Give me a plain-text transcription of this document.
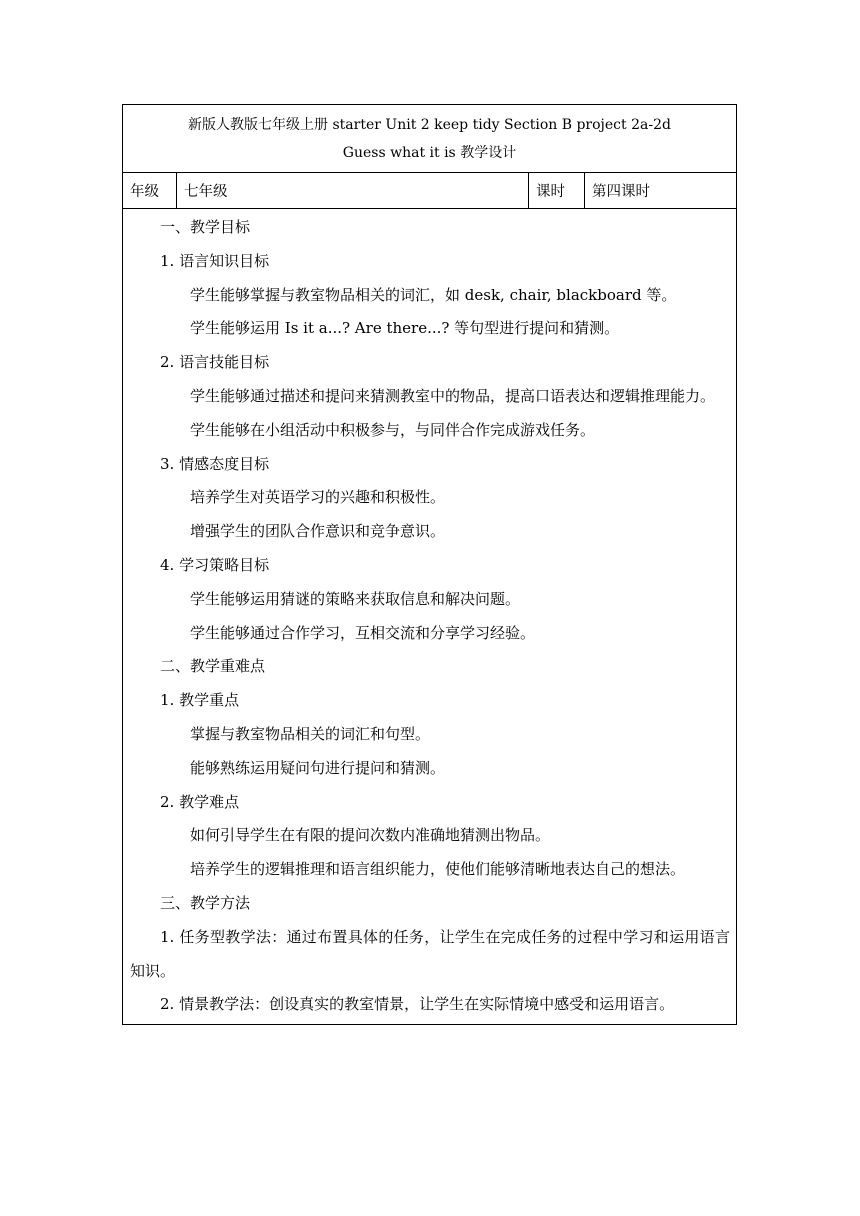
新版人教版七年级上册 starter Unit 2 keep tidy Section B project 2a-2d
Guess what it is 教学设计
年级	七年级	课时	第四课时

一、教学目标

1. 语言知识目标

学生能够掌握与教室物品相关的词汇，如 desk, chair, blackboard 等。

学生能够运用 Is it a...? Are there...? 等句型进行提问和猜测。

2. 语言技能目标

学生能够通过描述和提问来猜测教室中的物品，提高口语表达和逻辑推理能力。

学生能够在小组活动中积极参与，与同伴合作完成游戏任务。

3. 情感态度目标

培养学生对英语学习的兴趣和积极性。

增强学生的团队合作意识和竞争意识。

4. 学习策略目标

学生能够运用猜谜的策略来获取信息和解决问题。

学生能够通过合作学习，互相交流和分享学习经验。

二、教学重难点

1. 教学重点

掌握与教室物品相关的词汇和句型。

能够熟练运用疑问句进行提问和猜测。

2. 教学难点

如何引导学生在有限的提问次数内准确地猜测出物品。

培养学生的逻辑推理和语言组织能力，使他们能够清晰地表达自己的想法。

三、教学方法

1. 任务型教学法：通过布置具体的任务，让学生在完成任务的过程中学习和运用语言知识。

2. 情景教学法：创设真实的教室情景，让学生在实际情境中感受和运用语言。
